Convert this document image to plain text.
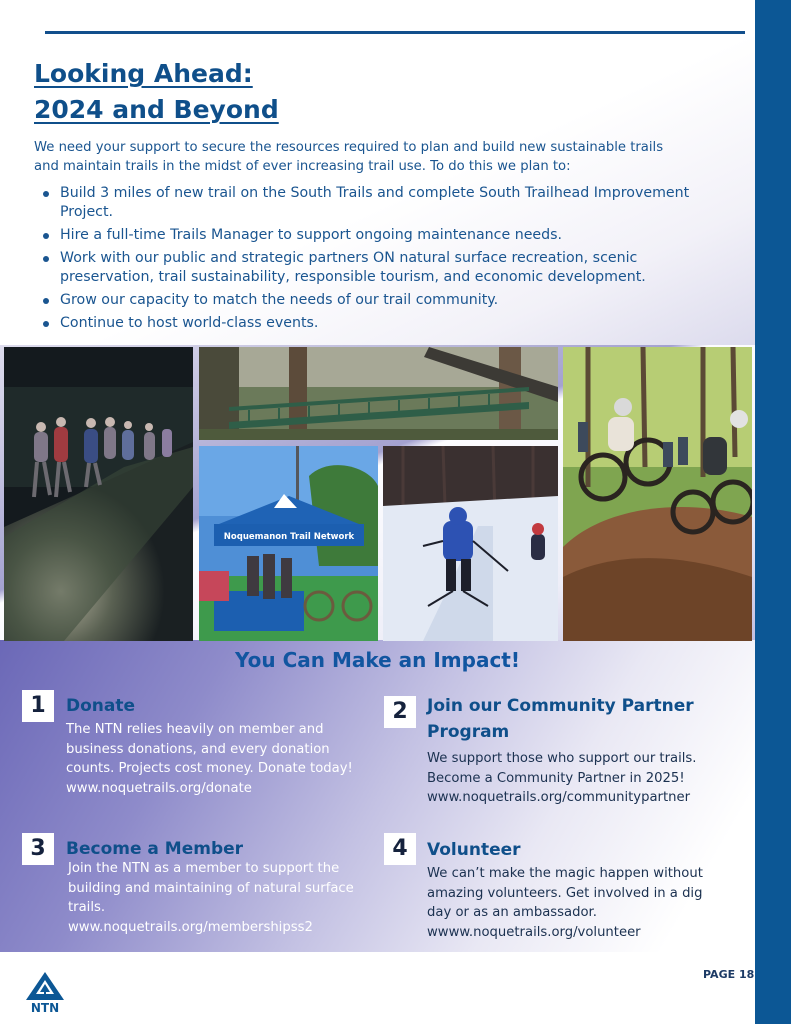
Looking Ahead:
2024 and Beyond

We need your support to secure the resources required to plan and build new sustainable trails and maintain trails in the midst of ever increasing trail use. To do this we plan to:

Build 3 miles of new trail on the South Trails and complete South Trailhead Improvement Project.
Hire a full-time Trails Manager to support ongoing maintenance needs.
Work with our public and strategic partners ON natural surface recreation, scenic preservation, trail sustainability, responsible tourism, and economic development.
Grow our capacity to match the needs of our trail community.
Continue to host world-class events.
Noquemanon Trail Network
You Can Make an Impact!
1	Donate

The NTN relies heavily on member and business donations, and every donation counts. Projects cost money. Donate today!

www.noquetrails.org/donate

2	Join our Community Partner Program

We support those who support our trails. Become a Community Partner in 2025!

www.noquetrails.org/communitypartner

3	Become a Member

Join the NTN as a member to support the building and maintaining of natural surface trails.

www.noquetrails.org/membershipss2

4	Volunteer

We can’t make the magic happen without amazing volunteers. Get involved in a dig day or as an ambassador.

wwww.noquetrails.org/volunteer

PAGE 18
NTN
